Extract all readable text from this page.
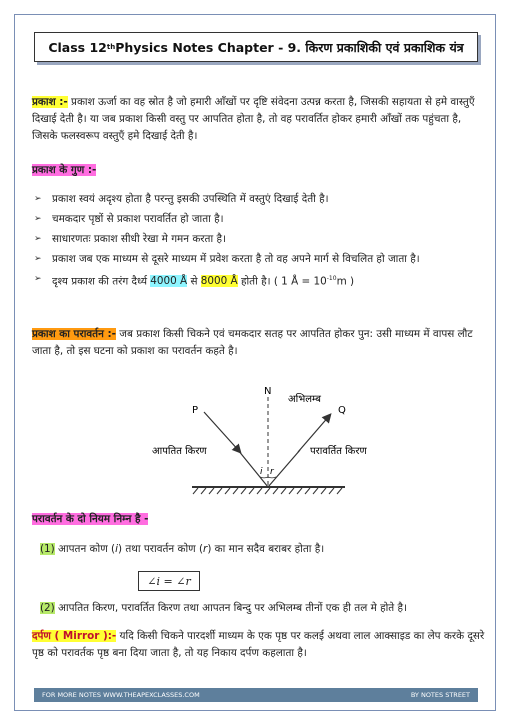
Class 12 th Physics Notes Chapter - 9. किरण प्रकाशिकी एवं प्रकाशिक यंत्र
प्रकाश :- प्रकाश ऊर्जा का वह स्रोत है जो हमारी आँखों पर दृष्टि संवेदना उत्पन्न करता है, जिसकी सहायता से हमे वास्तुएँ दिखाई देती है। या जब प्रकाश किसी वस्तु पर आपतित होता है, तो वह परावर्तित होकर हमारी आँखों तक पहुंचता है, जिसके फलस्वरूप वस्तुएँ हमे दिखाई देती है।
प्रकाश के गुण :-
➢ प्रकाश स्वयं अदृश्य होता है परन्तु इसकी उपस्थिति में वस्तुएं दिखाई देती है।
➢ चमकदार पृष्ठों से प्रकाश परावर्तित हो जाता है।
➢ साधारणतः प्रकाश सीधी रेखा मे गमन करता है।
➢ प्रकाश जब एक माध्यम से दूसरे माध्यम में प्रवेश करता है तो वह अपने मार्ग से विचलित हो जाता है।
➢ दृश्य प्रकाश की तरंग दैर्ध्य 4000 Å से 8000 Å होती है। ( 1 Å = $10^{-10}m$ )
प्रकाश का परावर्तन :- जब प्रकाश किसी चिकने एवं चमकदार सतह पर आपतित होकर पुन: उसी माध्यम में वापस लौट जाता है, तो इस घटना को प्रकाश का परावर्तन कहते है।
N
अभिलम्ब
P	Q
आपतित किरण	परावर्तित किरण
i r
परावर्तन के दो नियम निम्न है -
(1) आपतन कोण (i) तथा परावर्तन कोण (r) का मान सदैव बराबर होता है।
∠i = ∠r
(2) आपतित किरण, परावर्तित किरण तथा आपतन बिन्दु पर अभिलम्ब तीनों एक ही तल मे होते है।
दर्पण ( Mirror ):- यदि किसी चिकने पारदर्शी माध्यम के एक पृष्ठ पर कलई अथवा लाल आक्साइड का लेप करके दूसरे पृष्ठ को परावर्तक पृष्ठ बना दिया जाता है, तो यह निकाय दर्पण कहलाता है।
FOR MORE NOTES WWW.THEAPEXCLASSES.COM	BY NOTES STREET
